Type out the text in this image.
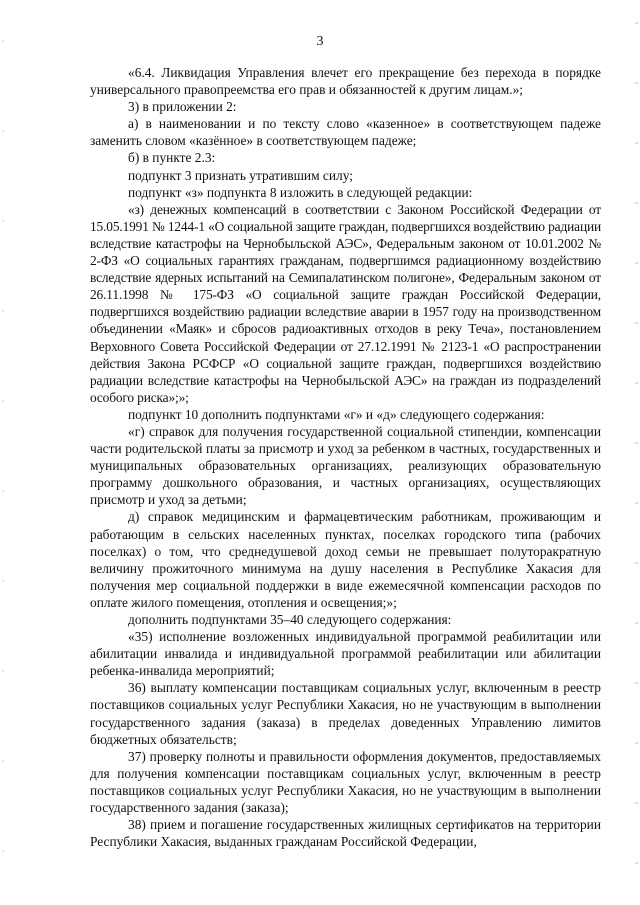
3

«6.4. Ликвидация Управления влечет его прекращение без перехода в порядке универсального правопреемства его прав и обязанностей к другим лицам.»;

3) в приложении 2:

а) в наименовании и по тексту слово «казенное» в соответствующем падеже заменить словом «казённое» в соответствующем падеже;

б) в пункте 2.3:

подпункт 3 признать утратившим силу;

подпункт «з» подпункта 8 изложить в следующей редакции:

«з) денежных компенсаций в соответствии с Законом Российской Федерации от 15.05.1991 № 1244-1 «О социальной защите граждан, подвергшихся воздействию радиации вследствие катастрофы на Чернобыльской АЭС», Федеральным законом от 10.01.2002 № 2-ФЗ «О социальных гарантиях гражданам, подвергшимся радиационному воздействию вследствие ядерных испытаний на Семипалатинском полигоне», Федеральным законом от 26.11.1998 № 175-ФЗ «О социальной защите граждан Российской Федерации, подвергшихся воздействию радиации вследствие аварии в 1957 году на производственном объединении «Маяк» и сбросов радиоактивных отходов в реку Теча», постановлением Верховного Совета Российской Федерации от 27.12.1991 № 2123-1 «О распространении действия Закона РСФСР «О социальной защите граждан, подвергшихся воздействию радиации вследствие катастрофы на Чернобыльской АЭС» на граждан из подразделений особого риска»;»;

подпункт 10 дополнить подпунктами «г» и «д» следующего содержания:

«г) справок для получения государственной социальной стипендии, компенсации части родительской платы за присмотр и уход за ребенком в частных, государственных и муниципальных образовательных организациях, реализующих образовательную программу дошкольного образования, и частных организациях, осуществляющих присмотр и уход за детьми;

д) справок медицинским и фармацевтическим работникам, проживающим и работающим в сельских населенных пунктах, поселках городского типа (рабочих поселках) о том, что среднедушевой доход семьи не превышает полуторакратную величину прожиточного минимума на душу населения в Республике Хакасия для получения мер социальной поддержки в виде ежемесячной компенсации расходов по оплате жилого помещения, отопления и освещения;»;

дополнить подпунктами 35–40 следующего содержания:

«35) исполнение возложенных индивидуальной программой реабилитации или абилитации инвалида и индивидуальной программой реабилитации или абилитации ребенка-инвалида мероприятий;

36) выплату компенсации поставщикам социальных услуг, включенным в реестр поставщиков социальных услуг Республики Хакасия, но не участвующим в выполнении государственного задания (заказа) в пределах доведенных Управлению лимитов бюджетных обязательств;

37) проверку полноты и правильности оформления документов, предоставляемых для получения компенсации поставщикам социальных услуг, включенным в реестр поставщиков социальных услуг Республики Хакасия, но не участвующим в выполнении государственного задания (заказа);

38) прием и погашение государственных жилищных сертификатов на территории Республики Хакасия, выданных гражданам Российской Федерации,
